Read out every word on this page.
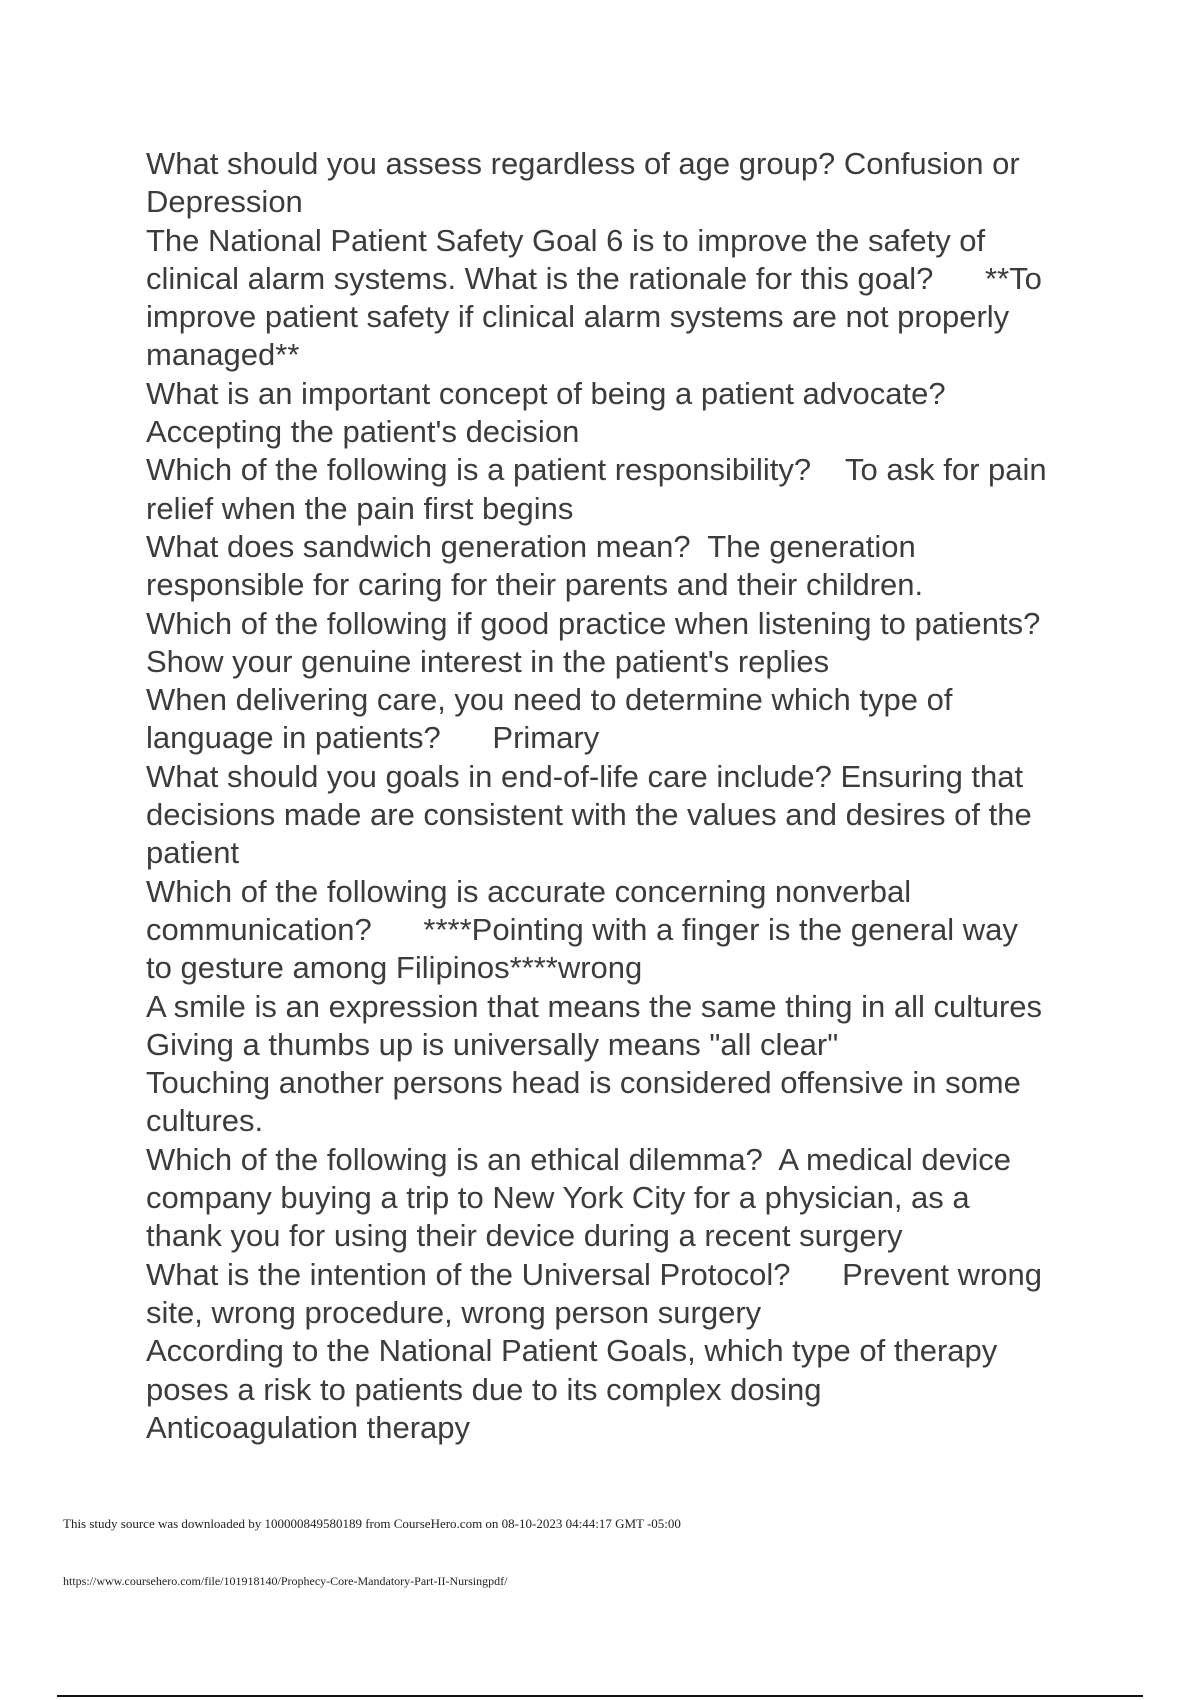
What should you assess regardless of age group? Confusion or
Depression
The National Patient Safety Goal 6 is to improve the safety of
clinical alarm systems. What is the rationale for this goal?      **To
improve patient safety if clinical alarm systems are not properly
managed**
What is an important concept of being a patient advocate?
Accepting the patient's decision
Which of the following is a patient responsibility?    To ask for pain
relief when the pain first begins
What does sandwich generation mean?  The generation
responsible for caring for their parents and their children.
Which of the following if good practice when listening to patients?
Show your genuine interest in the patient's replies
When delivering care, you need to determine which type of
language in patients?      Primary
What should you goals in end-of-life care include? Ensuring that
decisions made are consistent with the values and desires of the
patient
Which of the following is accurate concerning nonverbal
communication?      ****Pointing with a finger is the general way
to gesture among Filipinos****wrong
A smile is an expression that means the same thing in all cultures
Giving a thumbs up is universally means "all clear"
Touching another persons head is considered offensive in some
cultures.
Which of the following is an ethical dilemma?  A medical device
company buying a trip to New York City for a physician, as a
thank you for using their device during a recent surgery
What is the intention of the Universal Protocol?      Prevent wrong
site, wrong procedure, wrong person surgery
According to the National Patient Goals, which type of therapy
poses a risk to patients due to its complex dosing
Anticoagulation therapy
This study source was downloaded by 100000849580189 from CourseHero.com on 08-10-2023 04:44:17 GMT -05:00
https://www.coursehero.com/file/101918140/Prophecy-Core-Mandatory-Part-II-Nursingpdf/
